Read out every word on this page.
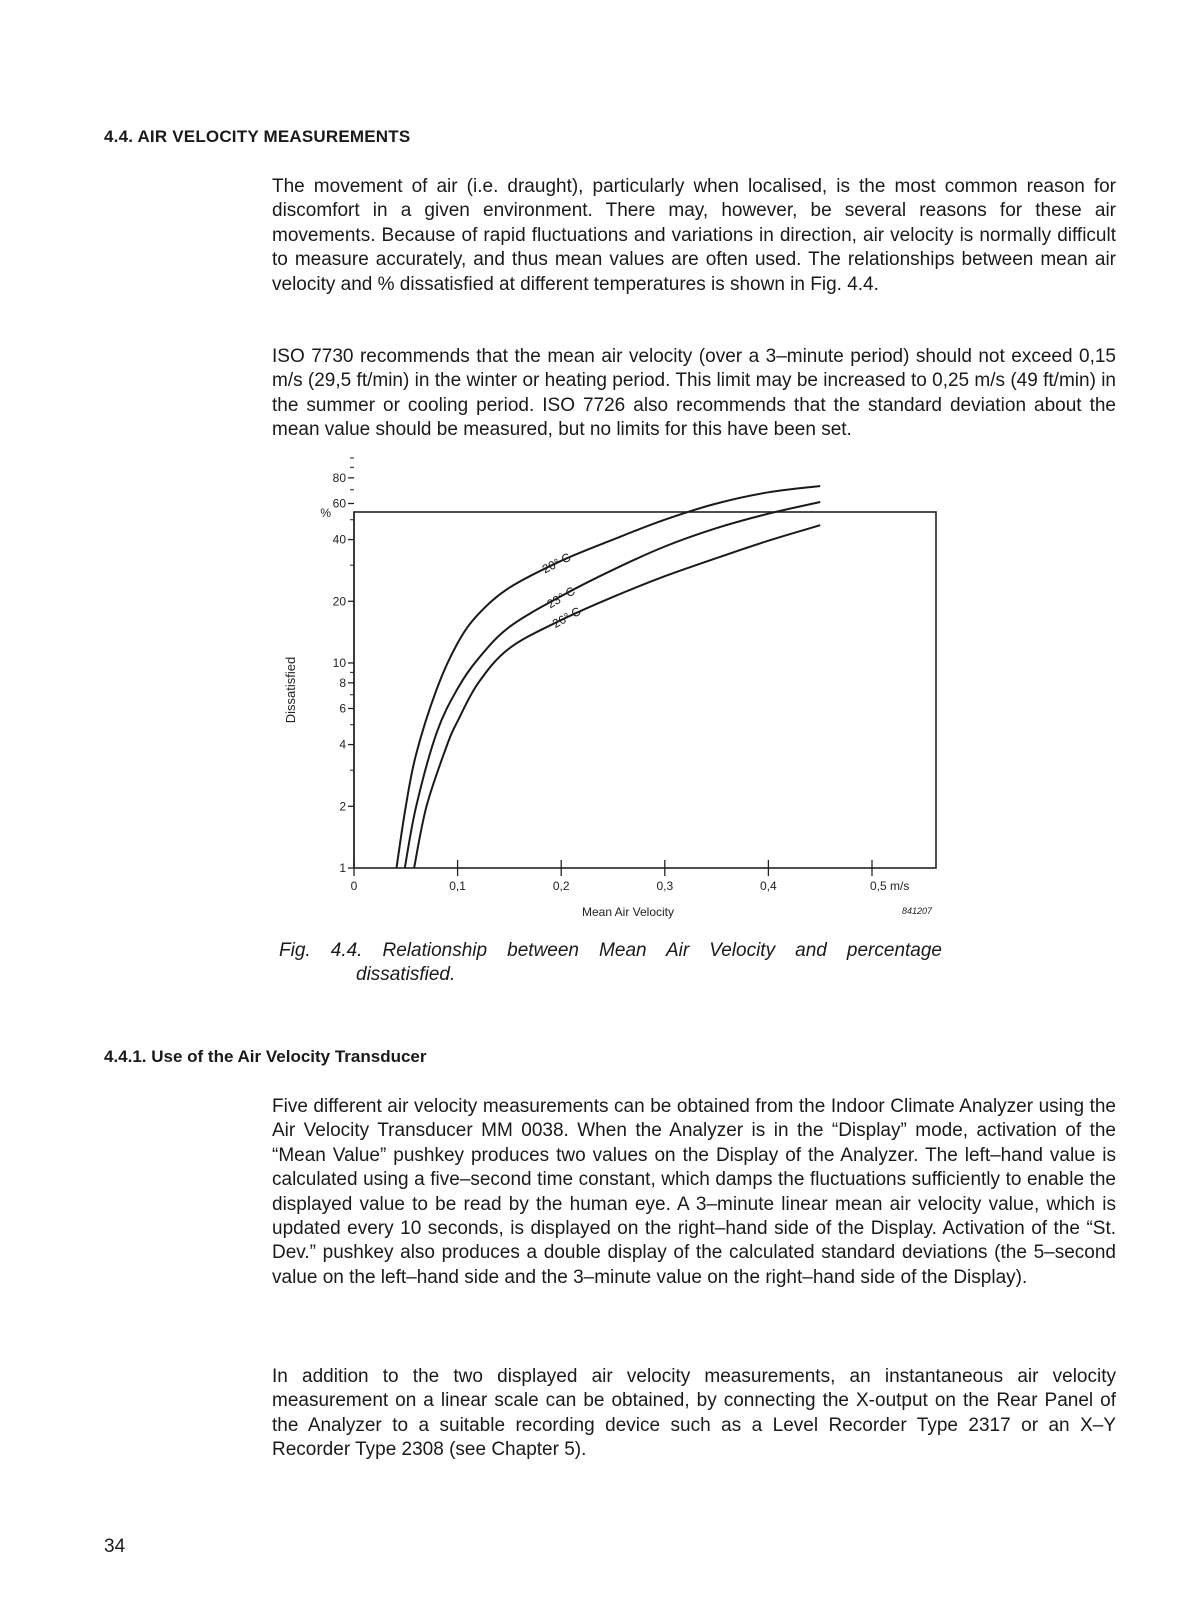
4.4. AIR VELOCITY MEASUREMENTS

The movement of air (i.e. draught), particularly when localised, is the most common reason for discomfort in a given environment. There may, however, be several reasons for these air movements. Because of rapid fluctuations and variations in direction, air velocity is normally difficult to measure accurately, and thus mean values are often used. The relationships between mean air velocity and % dissatisfied at different temperatures is shown in Fig. 4.4.

ISO 7730 recommends that the mean air velocity (over a 3–minute period) should not exceed 0,15 m/s (29,5 ft/min) in the winter or heating period. This limit may be increased to 0,25 m/s (49 ft/min) in the summer or cooling period. ISO 7726 also recommends that the standard deviation about the mean value should be measured, but no limits for this have been set.

%
Dissatisfied
Mean Air Velocity	841207
1
2
4
6
8
10
20
40
60
80
0	0,1	0,2	0,3	0,4	0,5 m/s
20° C
23° C
26° C

Fig. 4.4. Relationship between Mean Air Velocity and percentage
dissatisfied.

4.4.1. Use of the Air Velocity Transducer

Five different air velocity measurements can be obtained from the Indoor Climate Analyzer using the Air Velocity Transducer MM 0038. When the Analyzer is in the “Display” mode, activation of the “Mean Value” pushkey produces two values on the Display of the Analyzer. The left–hand value is calculated using a five–second time constant, which damps the fluctuations sufficiently to enable the displayed value to be read by the human eye. A 3–minute linear mean air velocity value, which is updated every 10 seconds, is displayed on the right–hand side of the Display. Activation of the “St. Dev.” pushkey also produces a double display of the calculated standard deviations (the 5–second value on the left–hand side and the 3–minute value on the right–hand side of the Display).

In addition to the two displayed air velocity measurements, an instantaneous air velocity measurement on a linear scale can be obtained, by connecting the X-output on the Rear Panel of the Analyzer to a suitable recording device such as a Level Recorder Type 2317 or an X–Y Recorder Type 2308 (see Chapter 5).

34
